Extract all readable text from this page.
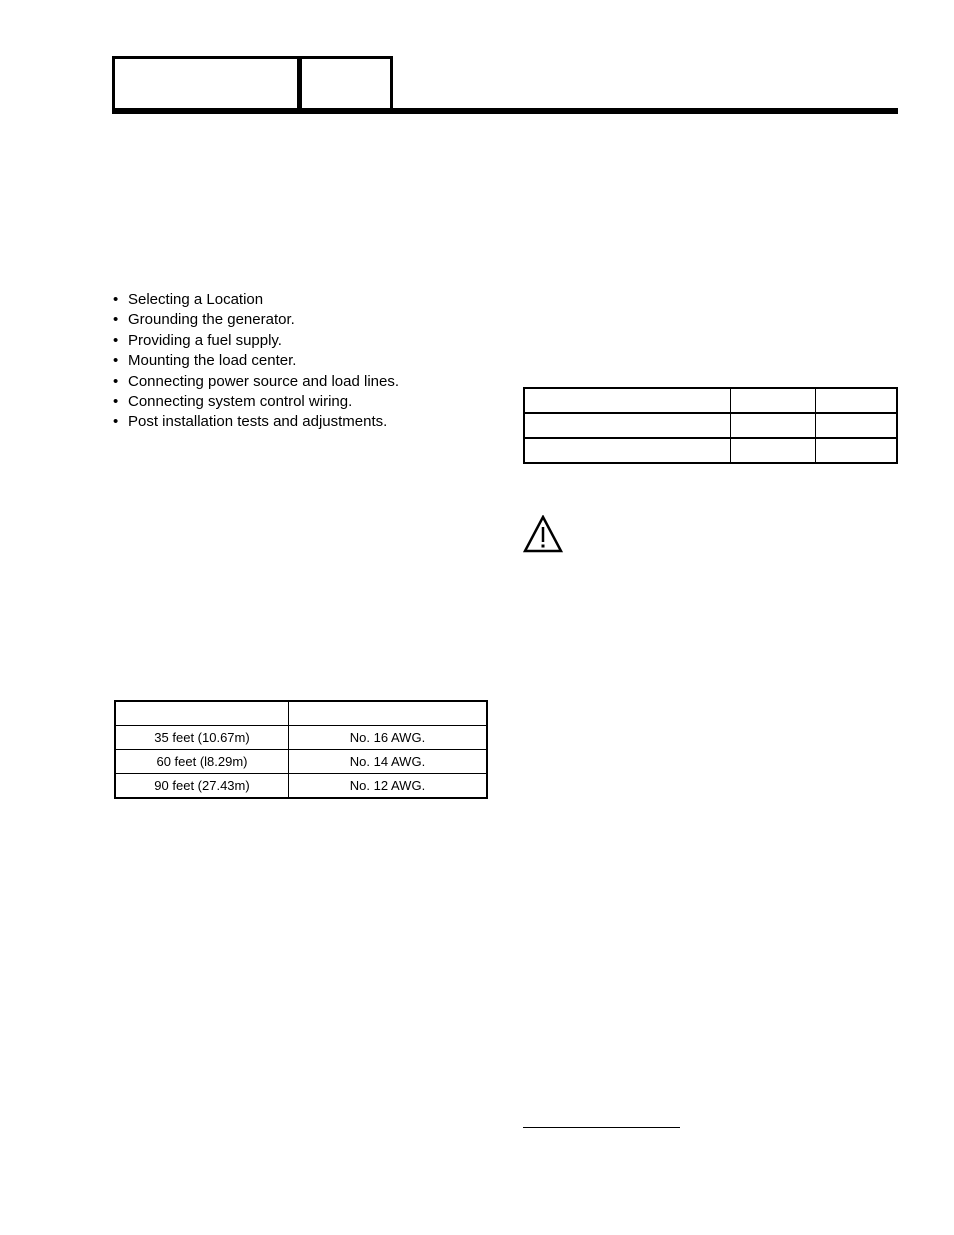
• Selecting a Location
• Grounding the generator.
• Providing a fuel supply.
• Mounting the load center.
• Connecting power source and load lines.
• Connecting system control wiring.
• Post installation tests and adjustments.

35 feet (10.67m)	No. 16 AWG.
60 feet (l8.29m)	No. 14 AWG.
90 feet (27.43m)	No. 12 AWG.
